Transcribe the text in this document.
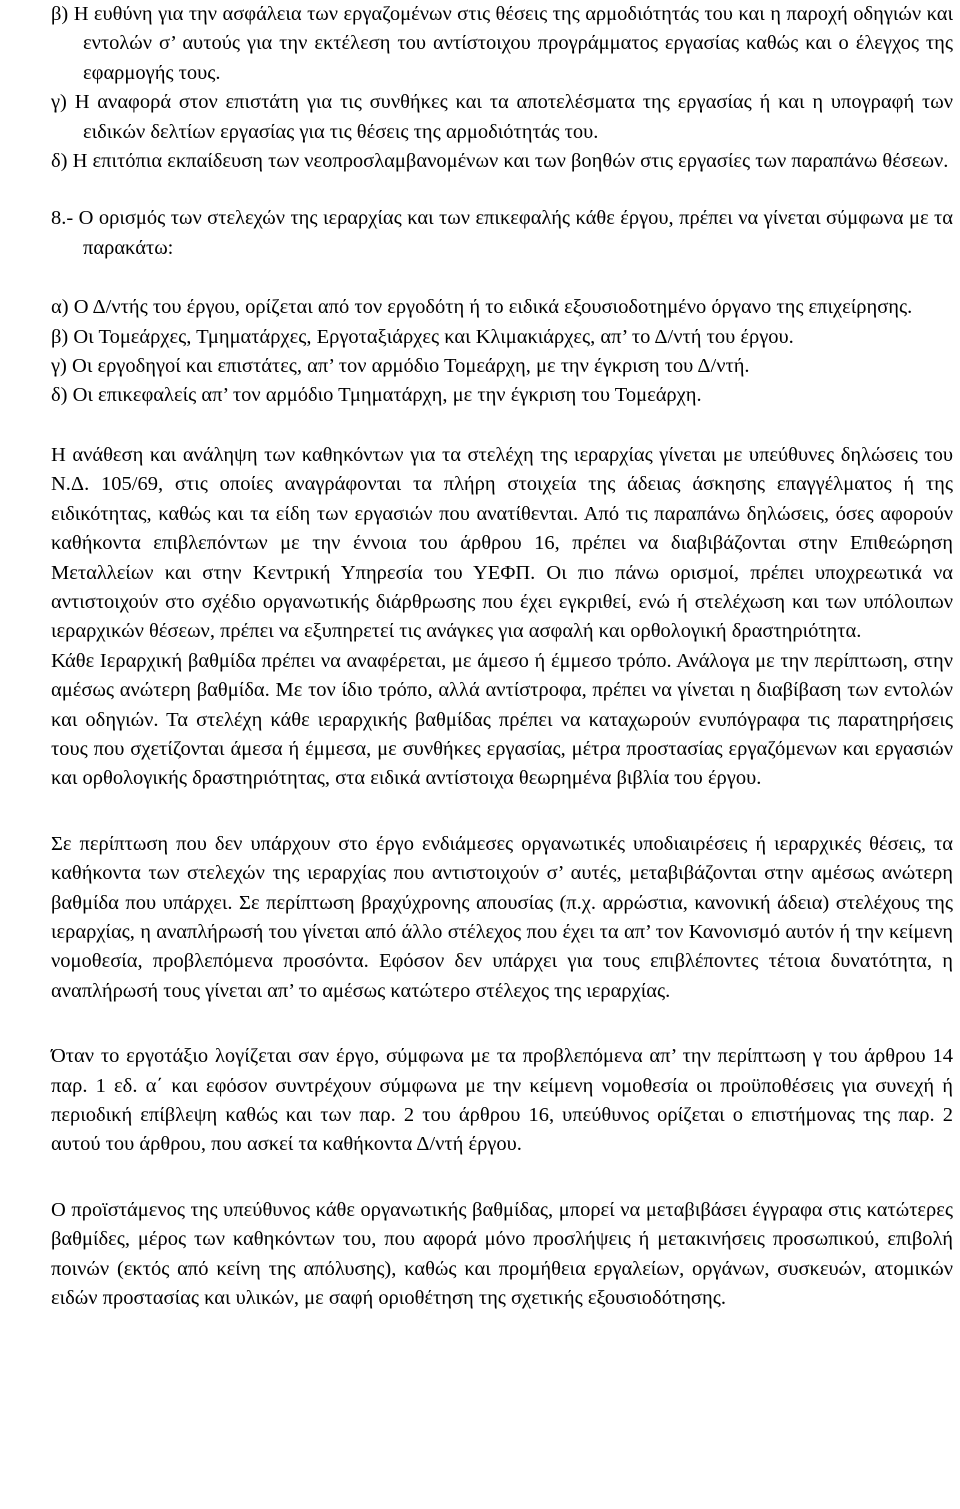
β) Η ευθύνη για την ασφάλεια των εργαζομένων στις θέσεις της αρμοδιότητάς του και η παροχή οδηγιών και εντολών σ’ αυτούς για την εκτέλεση του αντίστοιχου προγράμματος εργασίας καθώς και ο έλεγχος της εφαρμογής τους.

γ) Η αναφορά στον επιστάτη για τις συνθήκες και τα αποτελέσματα της εργασίας ή και η υπογραφή των ειδικών δελτίων εργασίας για τις θέσεις της αρμοδιότητάς του.

δ) Η επιτόπια εκπαίδευση των νεοπροσλαμβανομένων και των βοηθών στις εργασίες των παραπάνω θέσεων.

8.- Ο ορισμός των στελεχών της ιεραρχίας και των επικεφαλής κάθε έργου, πρέπει να γίνεται σύμφωνα με τα παρακάτω:

α) Ο Δ/ντής του έργου, ορίζεται από τον εργοδότη ή το ειδικά εξουσιοδοτημένο όργανο της επιχείρησης.

β) Οι Τομεάρχες, Τμηματάρχες, Εργοταξιάρχες και Κλιμακιάρχες, απ’ το Δ/ντή του έργου.

γ) Οι εργοδηγοί και επιστάτες, απ’ τον αρμόδιο Τομεάρχη, με την έγκριση του Δ/ντή.

δ) Οι επικεφαλείς απ’ τον αρμόδιο Τμηματάρχη, με την έγκριση του Τομεάρχη.

Η ανάθεση και ανάληψη των καθηκόντων για τα στελέχη της ιεραρχίας γίνεται με υπεύθυνες δηλώσεις του Ν.Δ. 105/69, στις οποίες αναγράφονται τα πλήρη στοιχεία της άδειας άσκησης επαγγέλματος ή της ειδικότητας, καθώς και τα είδη των εργασιών που ανατίθενται. Από τις παραπάνω δηλώσεις, όσες αφορούν καθήκοντα επιβλεπόντων με την έννοια του άρθρου 16, πρέπει να διαβιβάζονται στην Επιθεώρηση Μεταλλείων και στην Κεντρική Υπηρεσία του ΥΕΦΠ. Οι πιο πάνω ορισμοί, πρέπει υποχρεωτικά να αντιστοιχούν στο σχέδιο οργανωτικής διάρθρωσης που έχει εγκριθεί, ενώ ή στελέχωση και των υπόλοιπων ιεραρχικών θέσεων, πρέπει να εξυπηρετεί τις ανάγκες για ασφαλή και ορθολογική δραστηριότητα.

Κάθε Ιεραρχική βαθμίδα πρέπει να αναφέρεται, με άμεσο ή έμμεσο τρόπο. Ανάλογα με την περίπτωση, στην αμέσως ανώτερη βαθμίδα. Με τον ίδιο τρόπο, αλλά αντίστροφα, πρέπει να γίνεται η διαβίβαση των εντολών και οδηγιών. Τα στελέχη κάθε ιεραρχικής βαθμίδας πρέπει να καταχωρούν ενυπόγραφα τις παρατηρήσεις τους που σχετίζονται άμεσα ή έμμεσα, με συνθήκες εργασίας, μέτρα προστασίας εργαζόμενων και εργασιών και ορθολογικής δραστηριότητας, στα ειδικά αντίστοιχα θεωρημένα βιβλία του έργου.

Σε περίπτωση που δεν υπάρχουν στο έργο ενδιάμεσες οργανωτικές υποδιαιρέσεις ή ιεραρχικές θέσεις, τα καθήκοντα των στελεχών της ιεραρχίας που αντιστοιχούν σ’ αυτές, μεταβιβάζονται στην αμέσως ανώτερη βαθμίδα που υπάρχει. Σε περίπτωση βραχύχρονης απουσίας (π.χ. αρρώστια, κανονική άδεια) στελέχους της ιεραρχίας, η αναπλήρωσή του γίνεται από άλλο στέλεχος που έχει τα απ’ τον Κανονισμό αυτόν ή την κείμενη νομοθεσία, προβλεπόμενα προσόντα. Εφόσον δεν υπάρχει για τους επιβλέποντες τέτοια δυνατότητα, η αναπλήρωσή τους γίνεται απ’ το αμέσως κατώτερο στέλεχος της ιεραρχίας.

Όταν το εργοτάξιο λογίζεται σαν έργο, σύμφωνα με τα προβλεπόμενα απ’ την περίπτωση γ του άρθρου 14 παρ. 1 εδ. α΄ και εφόσον συντρέχουν σύμφωνα με την κείμενη νομοθεσία οι προϋποθέσεις για συνεχή ή περιοδική επίβλεψη καθώς και των παρ. 2 του άρθρου 16, υπεύθυνος ορίζεται ο επιστήμονας της παρ. 2 αυτού του άρθρου, που ασκεί τα καθήκοντα Δ/ντή έργου.

Ο προϊστάμενος της υπεύθυνος κάθε οργανωτικής βαθμίδας, μπορεί να μεταβιβάσει έγγραφα στις κατώτερες βαθμίδες, μέρος των καθηκόντων του, που αφορά μόνο προσλήψεις ή μετακινήσεις προσωπικού, επιβολή ποινών (εκτός από κείνη της απόλυσης), καθώς και προμήθεια εργαλείων, οργάνων, συσκευών, ατομικών ειδών προστασίας και υλικών, με σαφή οριοθέτηση της σχετικής εξουσιοδότησης.
